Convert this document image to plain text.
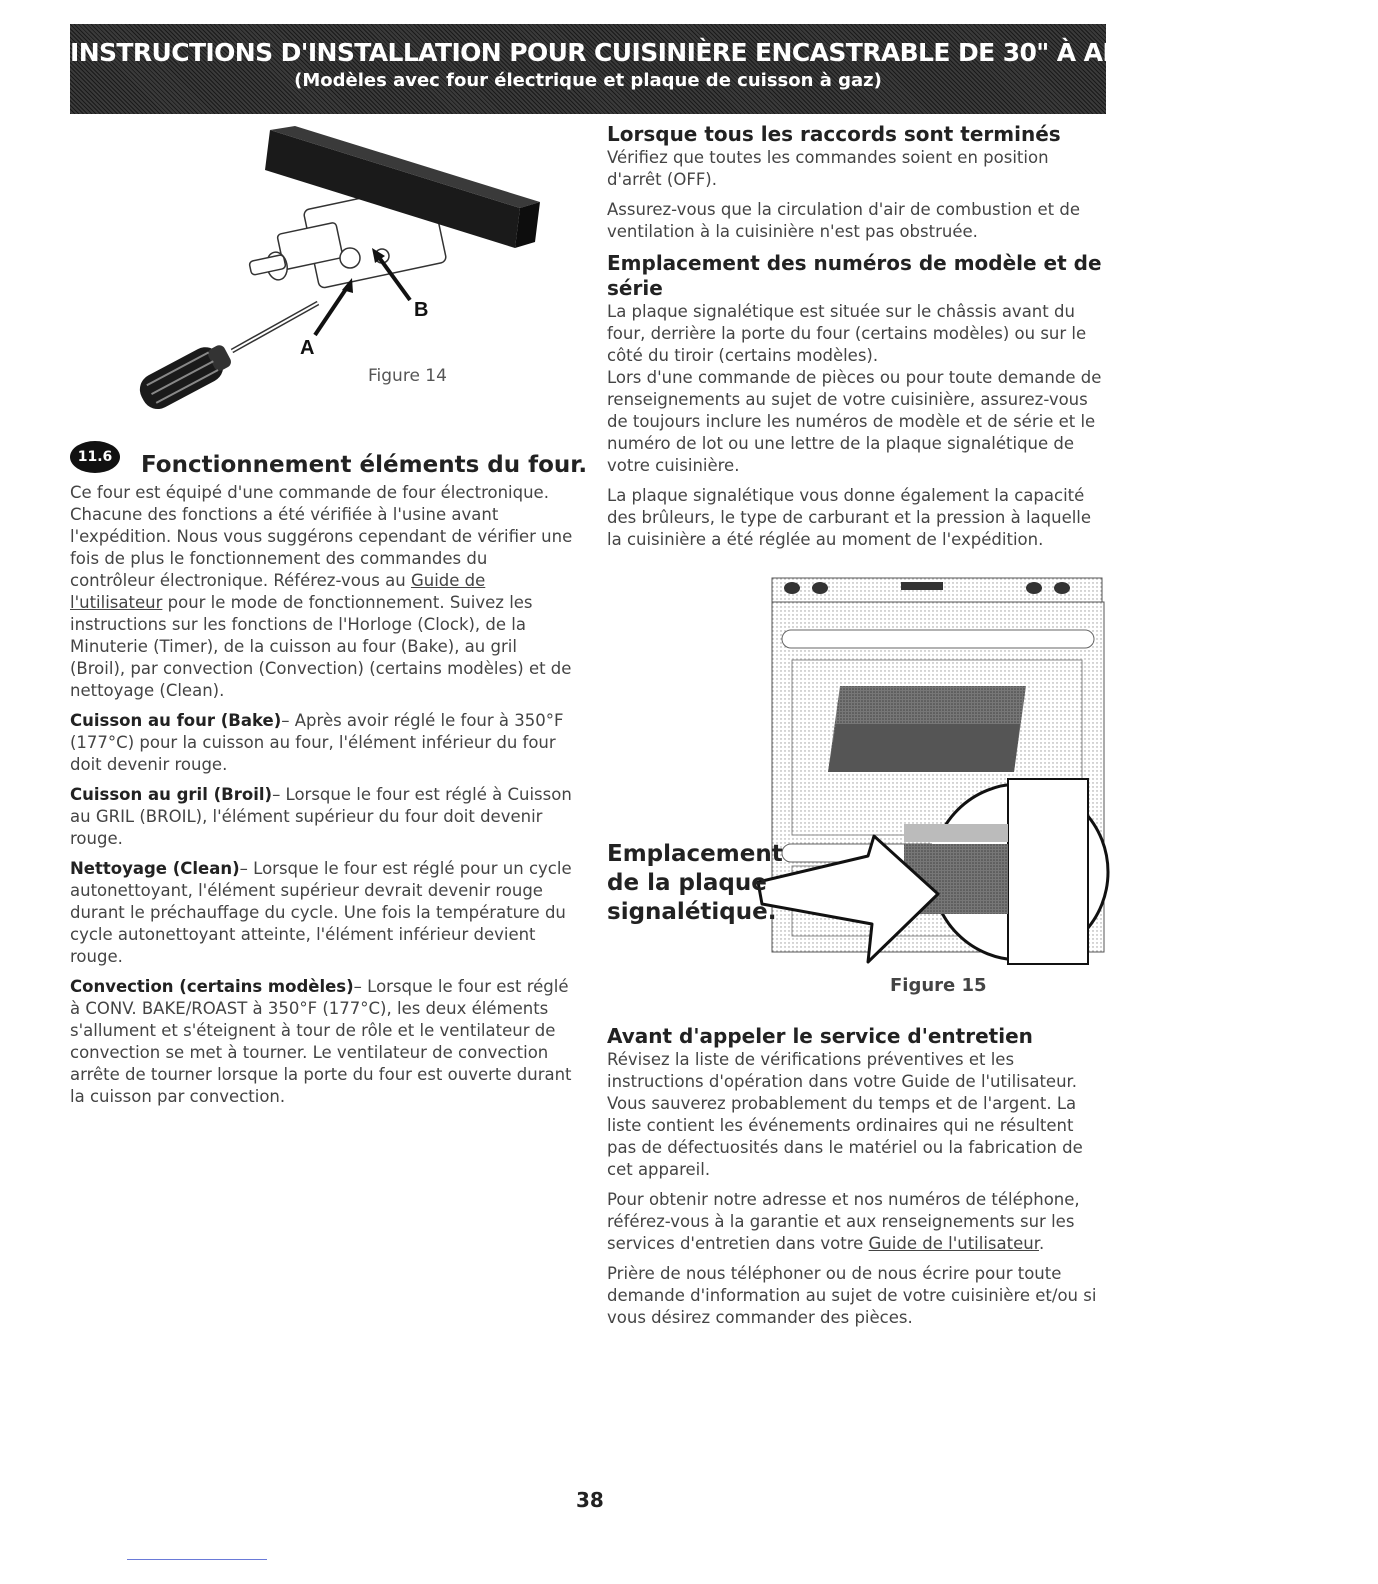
INSTRUCTIONS D'INSTALLATION POUR CUISINIÈRE ENCASTRABLE DE 30" À ALIMENTATION MIXTE
(Modèles avec four électrique et plaque de cuisson à gaz)
A
B
Figure 14
11.6	Fonctionnement éléments du four.

Ce four est équipé d'une commande de four électronique. Chacune des fonctions a été vérifiée à l'usine avant l'expédition. Nous vous suggérons cependant de vérifier une fois de plus le fonctionnement des commandes du contrôleur électronique. Référez-vous au Guide de l'utilisateur pour le mode de fonctionnement. Suivez les instructions sur les fonctions de l'Horloge (Clock), de la Minuterie (Timer), de la cuisson au four (Bake), au gril (Broil), par convection (Convection) (certains modèles) et de nettoyage (Clean).

Cuisson au four (Bake)– Après avoir réglé le four à 350°F (177°C) pour la cuisson au four, l'élément inférieur du four doit devenir rouge.

Cuisson au gril (Broil)– Lorsque le four est réglé à Cuisson au GRIL (BROIL), l'élément supérieur du four doit devenir rouge.

Nettoyage (Clean)– Lorsque le four est réglé pour un cycle autonettoyant, l'élément supérieur devrait devenir rouge durant le préchauffage du cycle. Une fois la température du cycle autonettoyant atteinte, l'élément inférieur devient rouge.

Convection (certains modèles)– Lorsque le four est réglé à CONV. BAKE/ROAST à 350°F (177°C), les deux éléments s'allument et s'éteignent à tour de rôle et le ventilateur de convection se met à tourner. Le ventilateur de convection arrête de tourner lorsque la porte du four est ouverte durant la cuisson par convection.

Lorsque tous les raccords sont terminés

Vérifiez que toutes les commandes soient en position d'arrêt (OFF).

Assurez-vous que la circulation d'air de combustion et de ventilation à la cuisinière n'est pas obstruée.

Emplacement des numéros de modèle et de série

La plaque signalétique est située sur le châssis avant du four, derrière la porte du four (certains modèles) ou sur le côté du tiroir (certains modèles).

Lors d'une commande de pièces ou pour toute demande de renseignements au sujet de votre cuisinière, assurez-vous de toujours inclure les numéros de modèle et de série et le numéro de lot ou une lettre de la plaque signalétique de votre cuisinière.

La plaque signalétique vous donne également la capacité des brûleurs, le type de carburant et la pression à laquelle la cuisinière a été réglée au moment de l'expédition.

Emplacement
de la plaque
signalétique.
Figure 15
Avant d'appeler le service d'entretien

Révisez la liste de vérifications préventives et les instructions d'opération dans votre Guide de l'utilisateur. Vous sauverez probablement du temps et de l'argent. La liste contient les événements ordinaires qui ne résultent pas de défectuosités dans le matériel ou la fabrication de cet appareil.

Pour obtenir notre adresse et nos numéros de téléphone, référez-vous à la garantie et aux renseignements sur les services d'entretien dans votre Guide de l'utilisateur.

Prière de nous téléphoner ou de nous écrire pour toute demande d'information au sujet de votre cuisinière et/ou si vous désirez commander des pièces.

38
